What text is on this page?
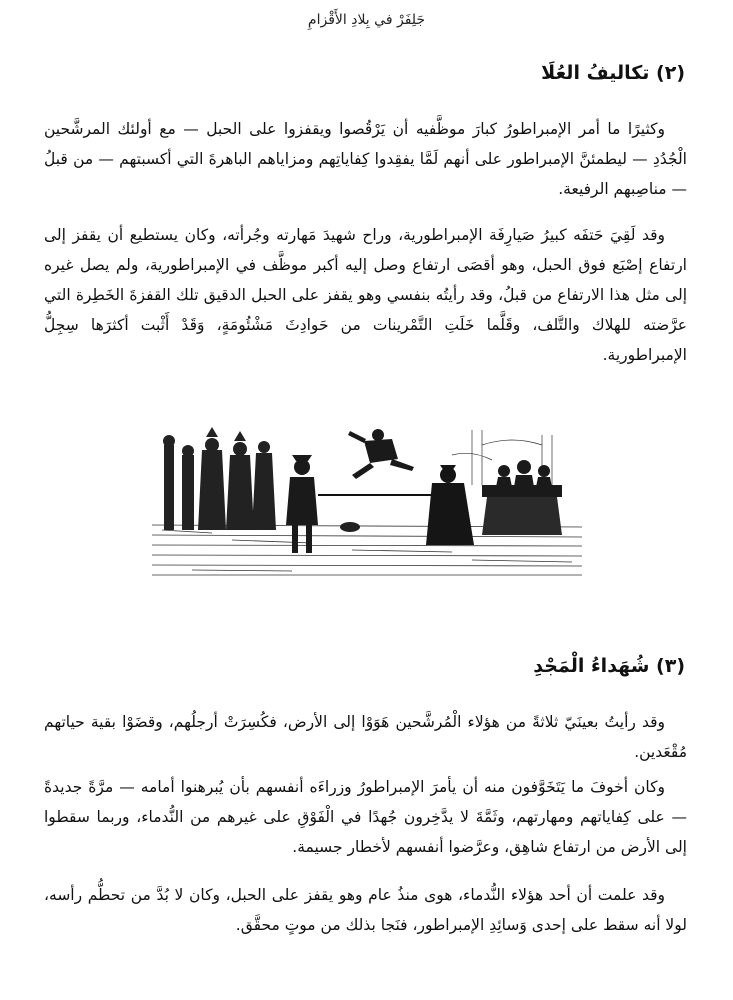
جَلِفَرْ في بِلادِ الأَقْزامِ
(٢) تكاليفُ العُلَا

وكثيرًا ما أمر الإمبراطورُ كبارَ موظَّفيه أن يَرْقُصوا ويقفزوا على الحبل — مع أولئك المرشَّحين الْجُدُدِ — ليطمئنَّ الإمبراطور على أنهم لَمَّا يفقِدوا كِفاياتِهم ومزاياهم الباهرةَ التي أكسبتهم — من قبلُ — مناصِبهم الرفيعة.

وقد لَقِيَ حَتفَه كبيرُ صَيارِفَة الإمبراطورية، وراح شهيدَ مَهارته وجُرأته، وكان يستطيع أن يقفز إلى ارتفاع إصْبَع فوق الحبل، وهو أقصَى ارتفاع وصل إليه أكبر موظَّف في الإمبراطورية، ولم يصل غيره إلى مثل هذا الارتفاع من قبلُ، وقد رأيتُه بنفسي وهو يقفز على الحبل الدقيق تلك القفزةَ الخَطِرة التي عرَّضته للهلاك والتَّلف، وقَلَّما خَلَتِ التَّمْرينات من حَوادِثَ مَشْئُومَةٍ، وَقَدْ أَثْبت أكثرَها سِجِلُّ الإمبراطورية.

(٣) شُهَداءُ الْمَجْدِ

وقد رأيتُ بعينَيّ ثلاثةً من هؤلاء الْمُرشَّحين هَوَوْا إلى الأرض، فكُسِرَتْ أرجلُهم، وقضَوْا بقية حياتهم مُقْعَدين.

وكان أخوفَ ما يَتَخَوَّفون منه أن يأمرَ الإمبراطورُ وزراءَه أنفسهم بأن يُبرهنوا أمامه — مرَّةً جديدةً — على كِفاياتهم ومهارتهم، وثَمَّةَ لا يدَّخِرون جُهدًا في الْفَوْقِ على غيرهم من النُّدماء، وربما سقطوا إلى الأرض من ارتفاع شاهِق، وعرَّضوا أنفسهم لأخطار جسيمة.

وقد علمت أن أحد هؤلاء النُّدماء، هوى منذُ عام وهو يقفز على الحبل، وكان لا بُدَّ من تحطُّم رأسه، لولا أنه سقط على إحدى وَسائِدِ الإمبراطور، فنَجا بذلك من موتٍ محقَّق.
